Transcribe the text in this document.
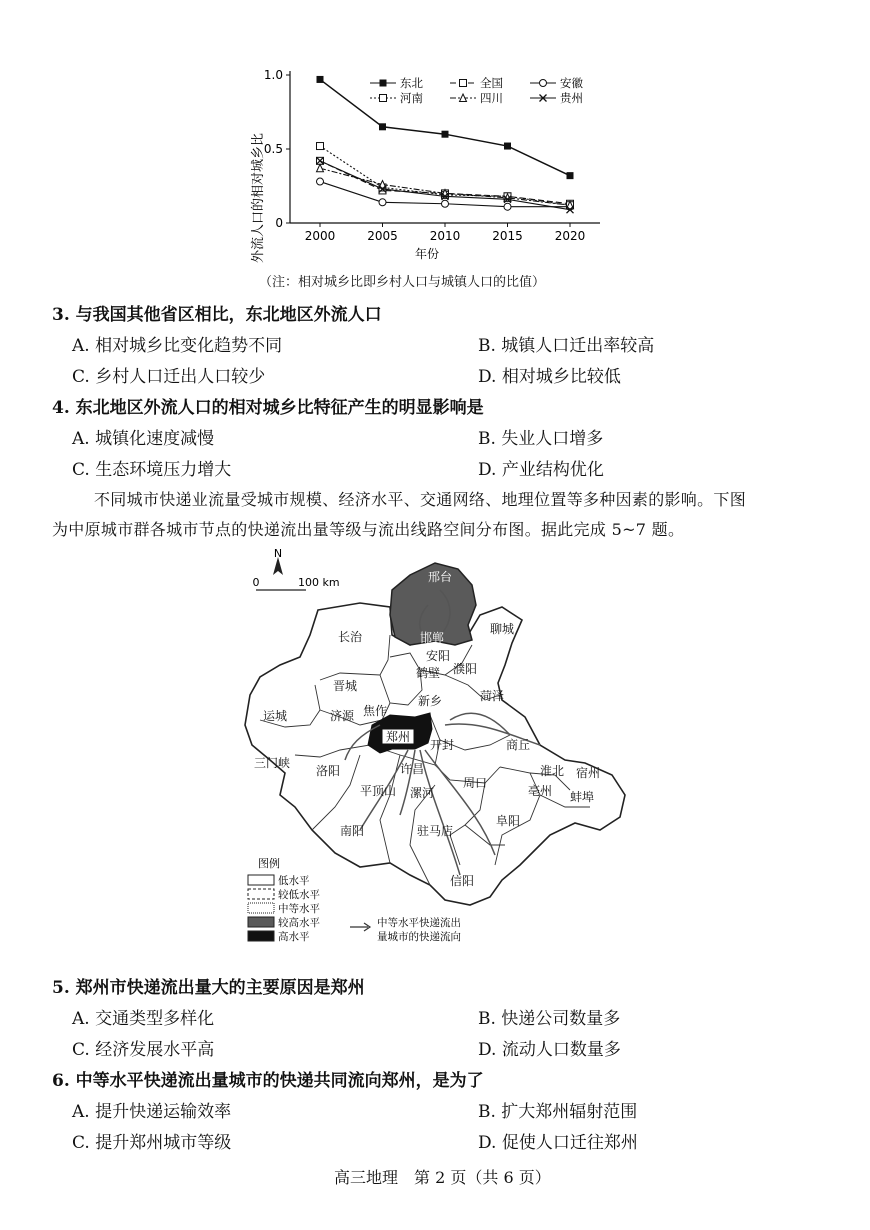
0
0.5
1.0
2000	2005	2010	2015	2020
东北	全国	安徽
河南	四川	贵州
外流人口的相对城乡比	年份
（注：相对城乡比即乡村人口与城镇人口的比值）
3. 与我国其他省区相比，东北地区外流人口
A. 相对城乡比变化趋势不同	B. 城镇人口迁出率较高
C. 乡村人口迁出人口较少	D. 相对城乡比较低
4. 东北地区外流人口的相对城乡比特征产生的明显影响是
A. 城镇化速度减慢	B. 失业人口增多
C. 生态环境压力增大	D. 产业结构优化
不同城市快递业流量受城市规模、经济水平、交通网络、地理位置等多种因素的影响。下图
为中原城市群各城市节点的快递流出量等级与流出线路空间分布图。据此完成 5~7 题。
N
0	100 km	邢台
邯郸
长治
聊城
安阳
濮阳
鹤壁
晋城
菏泽
新乡
焦作
济源
运城
郑州
开封	商丘
三门峡
洛阳	许昌	淮北 宿州
亳州
平顶山 漯河
周口
蚌埠
南阳	驻马店
阜阳
信阳
图例
低水平
较低水平
中等水平
较高水平
高水平
中等水平快递流出
量城市的快递流向
5. 郑州市快递流出量大的主要原因是郑州
A. 交通类型多样化	B. 快递公司数量多
C. 经济发展水平高	D. 流动人口数量多
6. 中等水平快递流出量城市的快递共同流向郑州，是为了
A. 提升快递运输效率	B. 扩大郑州辐射范围
C. 提升郑州城市等级	D. 促使人口迁往郑州
高三地理　第 2 页（共 6 页）
